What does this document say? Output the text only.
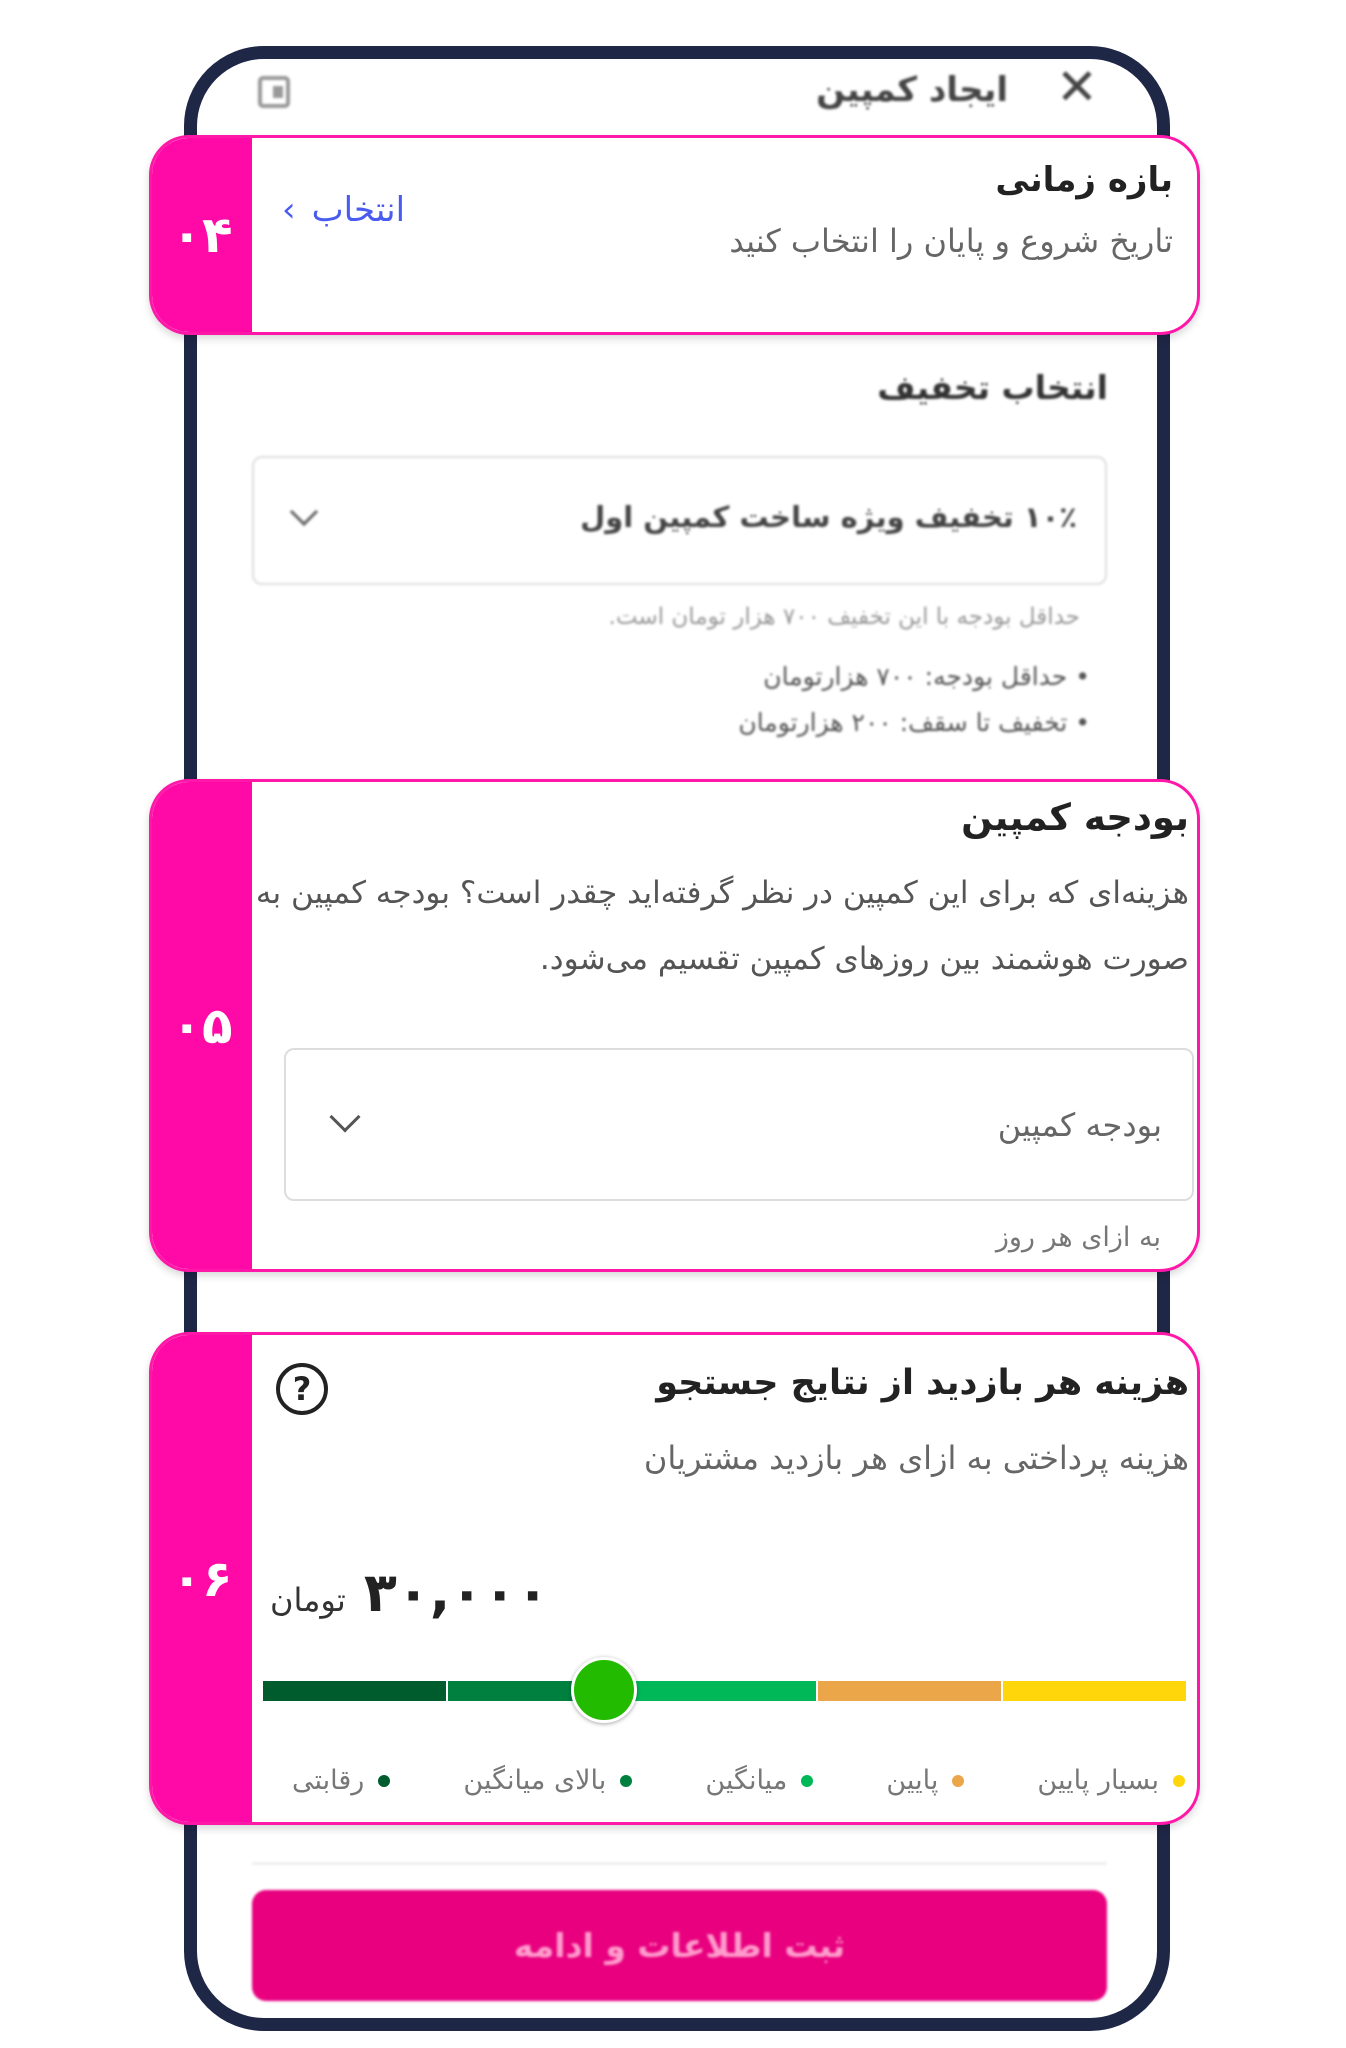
ایجاد کمپین ✕
۰۴
بازه زمانی
تاریخ شروع و پایان را انتخاب کنید
‹ انتخاب
انتخاب تخفیف
۱۰٪ تخفیف ویژه ساخت کمپین اول
حداقل بودجه با این تخفیف ۷۰۰ هزار تومان است.
• حداقل بودجه: ۷۰۰ هزارتومان
• تخفیف تا سقف: ۲۰۰ هزارتومان
۰۵
بودجه کمپین
هزینه‌ای که برای این کمپین در نظر گرفته‌اید چقدر است؟ بودجه کمپین به صورت هوشمند بین روزهای کمپین تقسیم می‌شود.
بودجه کمپین
به ازای هر روز
۰۶
هزینه هر بازدید از نتایج جستجو
?
هزینه پرداختی به ازای هر بازدید مشتریان
تومان ۳۰,۰۰۰
بسیار پایین
پایین
میانگین
بالای میانگین
رقابتی
ثبت اطلاعات و ادامه
